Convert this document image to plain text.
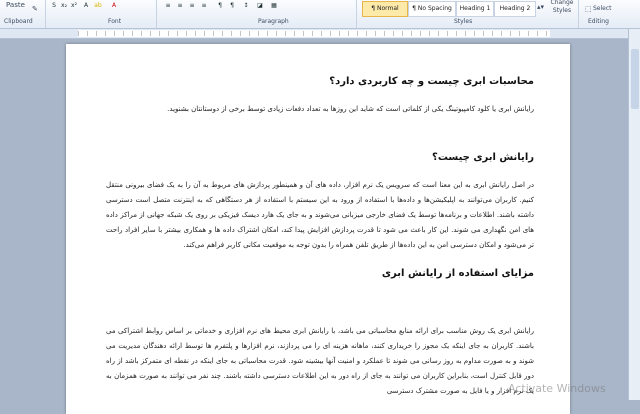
Paste ✎	S x₂ x²	A	ab	A	≡ ≡ ≡ ≡	¶	¶	↕ ◪ ▦	¶ Normal	¶ No Spacing	Heading 1	Heading 2 ▴▾
Change Styles	⬚ Select
Clipboard	Font	Paragraph	Styles	Editing
محاسبات ابری چیست و چه کاربردی دارد؟
رایانش ابری یا کلود کامپیوتینگ یکی از کلماتی است که شاید این روزها به تعداد دفعات زیادی توسط برخی از دوستانتان بشنوید.
رایانش ابری چیست؟
در اصل رایانش ابری به این معنا است که سرویس یک نرم افزار، داده های آن و همینطور پردازش های مربوط به آن را به یک فضای بیرونی منتقل کنیم. کاربران می‌توانند به اپلیکیشن‌ها و داده‌ها با استفاده از ورود به این سیستم با استفاده از هر دستگاهی که به اینترنت متصل است دسترسی داشته باشند. اطلاعات و برنامه‌ها توسط یک فضای خارجی میزبانی می‌شوند و به جای یک هارد دیسک فیزیکی بر روی یک شبکه جهانی از مراکز داده های امن نگهداری می شوند. این کار باعث می شود تا قدرت پردازش افزایش پیدا کند، امکان اشتراک داده ها و همکاری بیشتر با سایر افراد راحت تر می‌شود و امکان دسترسی امن به این داده‌ها از طریق تلفن همراه را بدون توجه به موقعیت مکانی کاربر فراهم می‌کند.
مزایای استفاده از رایانش ابری
رایانش ابری یک روش مناسب برای ارائه منابع محاسباتی می باشد، با رایانش ابری محیط های نرم افزاری و خدماتی بر اساس روابط اشتراکی می باشند. کاربران به جای اینکه یک مجوز را خریداری کنند، ماهانه هزینه ای را می پردازند، نرم افزارها و پلتفرم ها توسط ارائه دهندگان مدیریت می شوند و به صورت مداوم به روز رسانی می شوند تا عملکرد و امنیت آنها بیشینه شود. قدرت محاسباتی به جای اینکه در نقطه ای متمرکز باشد از راه دور قابل کنترل است، بنابراین کاربران می توانند به جای از راه دور به این اطلاعات دسترسی داشته باشند. چند نفر می توانند به صورت همزمان به یک نرم افزار و یا فایل به صورت مشترک دسترسی
Activate Windows
